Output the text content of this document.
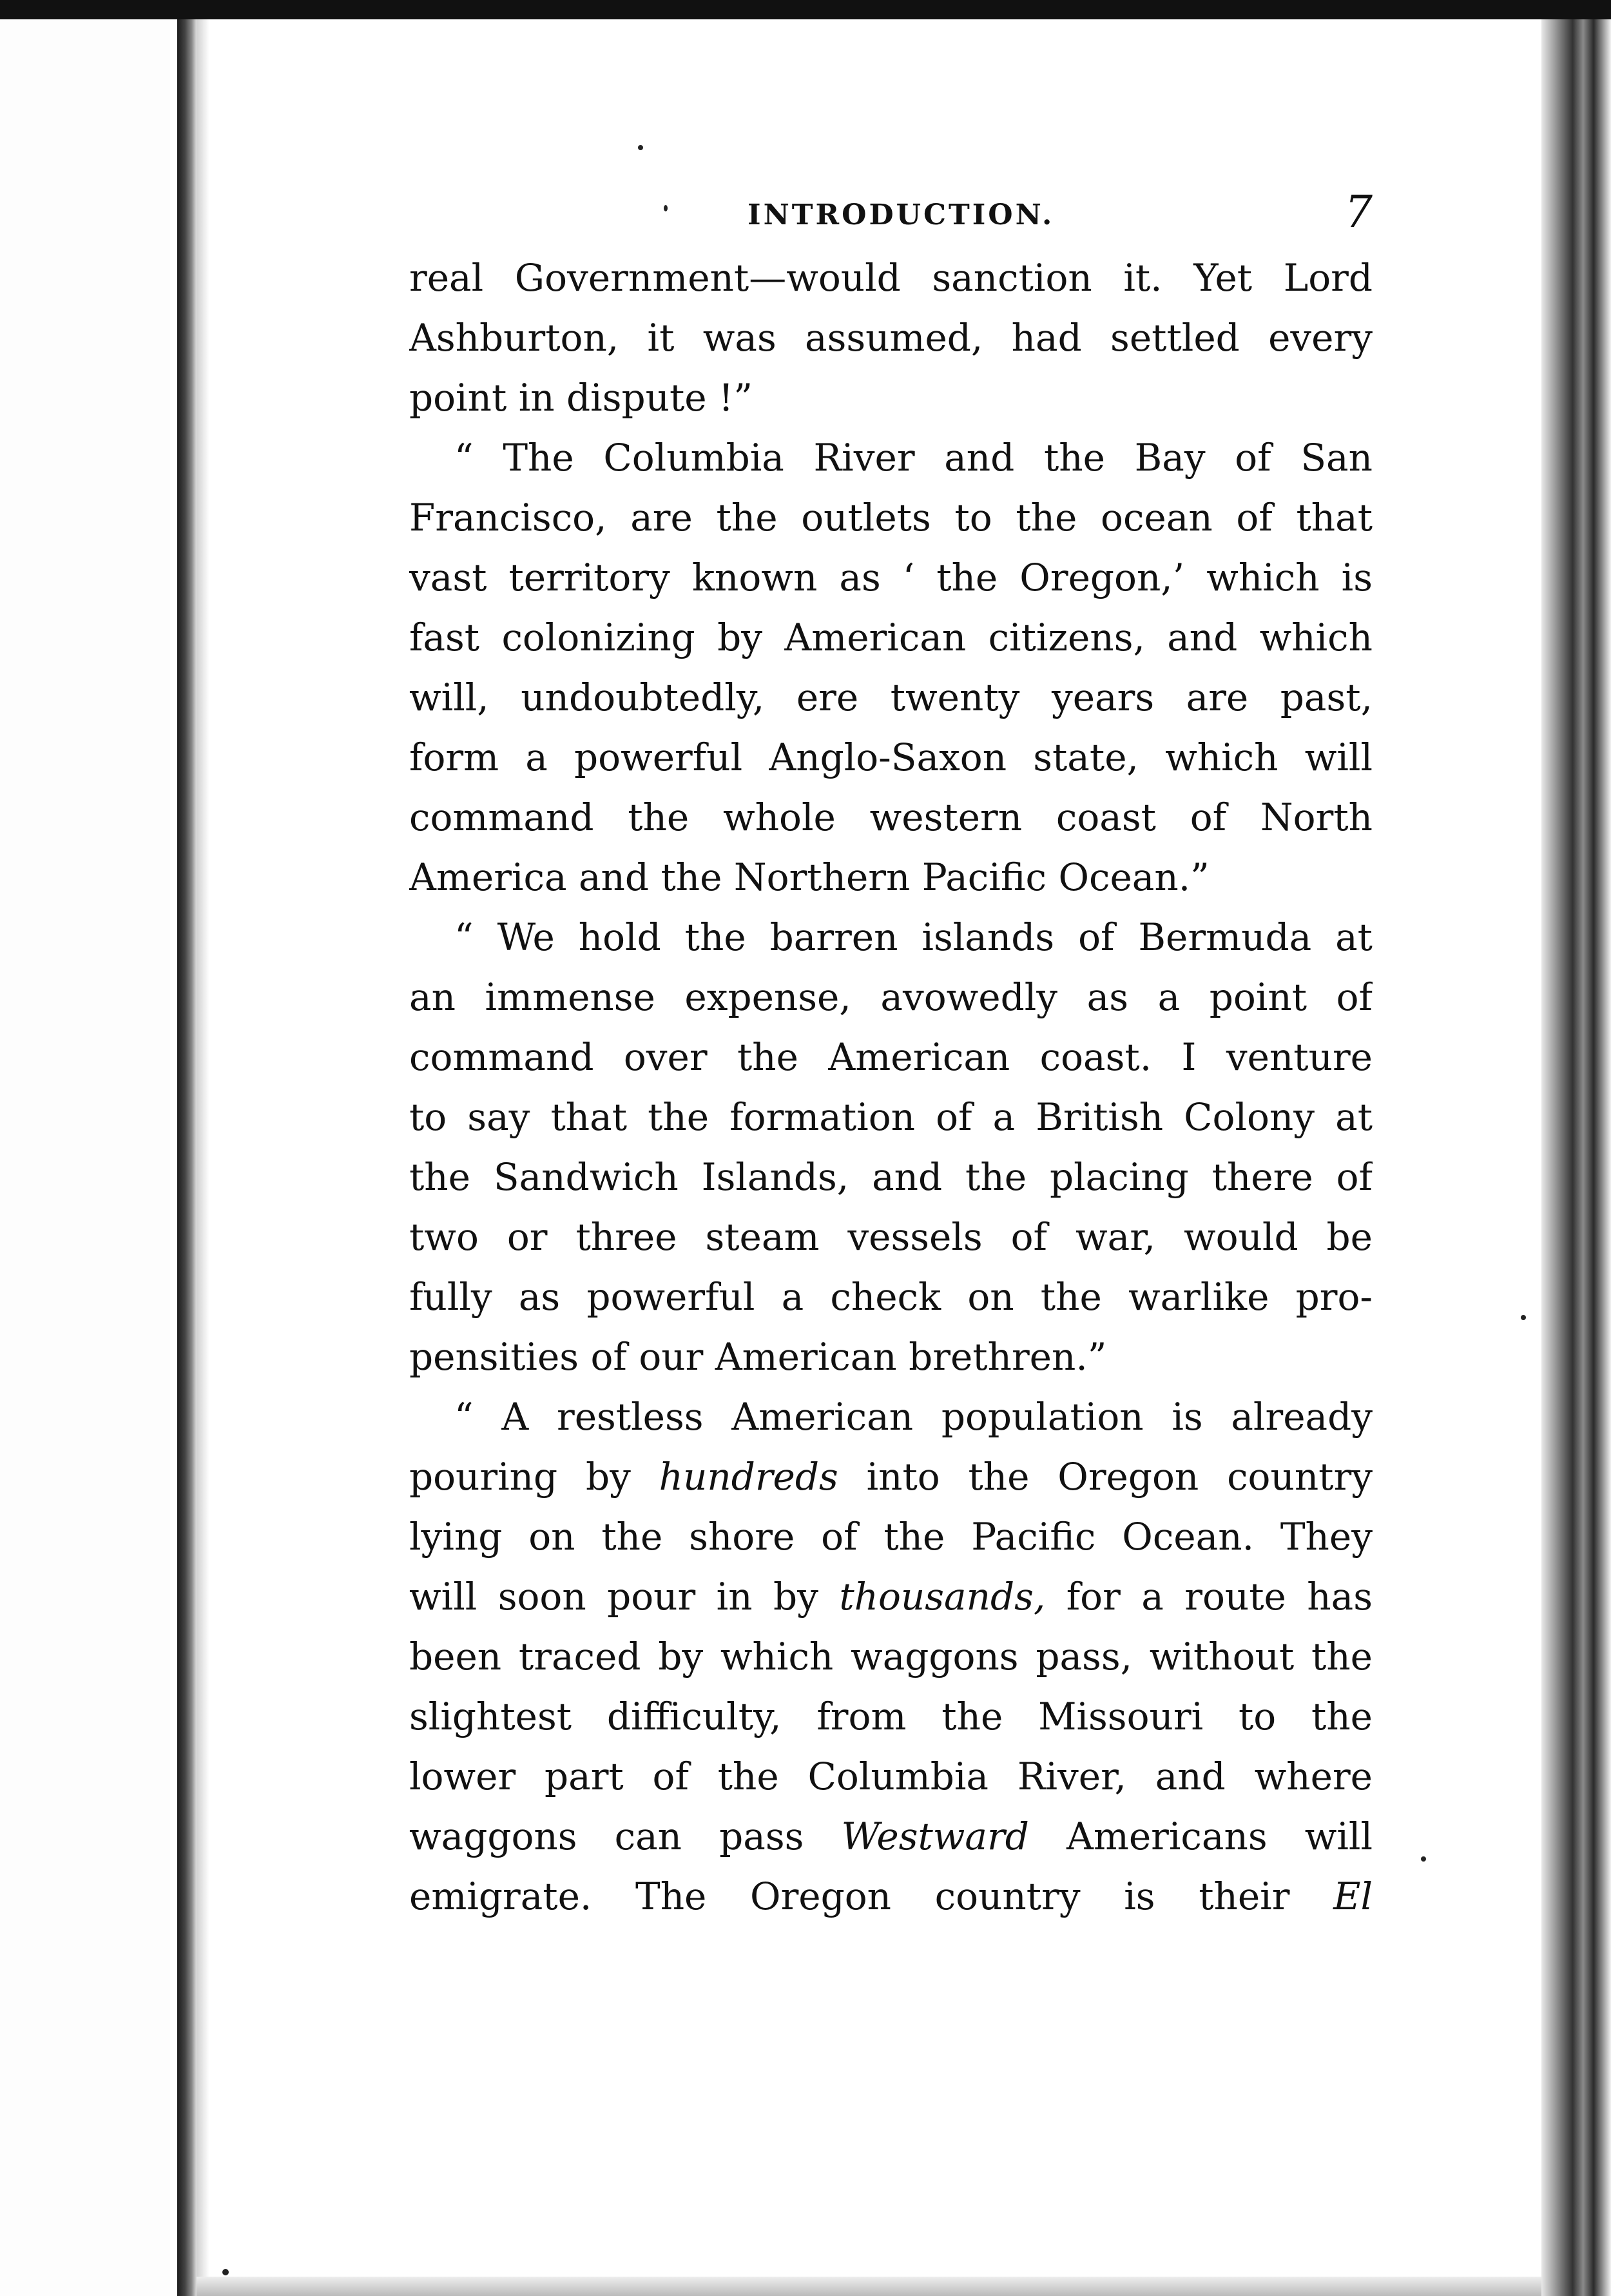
INTRODUCTION.	7
real Government—would sanction it. Yet Lord
Ashburton, it was assumed, had settled every
point in dispute !”
“ The Columbia River and the Bay of San
Francisco, are the outlets to the ocean of that
vast territory known as ‘ the Oregon,’ which is
fast colonizing by American citizens, and which
will, undoubtedly, ere twenty years are past,
form a powerful Anglo-Saxon state, which will
command the whole western coast of North
America and the Northern Pacific Ocean.”
“ We hold the barren islands of Bermuda at
an immense expense, avowedly as a point of
command over the American coast. I venture
to say that the formation of a British Colony at
the Sandwich Islands, and the placing there of
two or three steam vessels of war, would be
fully as powerful a check on the warlike pro-
pensities of our American brethren.”
“ A restless American population is already
pouring by hundreds into the Oregon country
lying on the shore of the Pacific Ocean. They
will soon pour in by thousands, for a route has
been traced by which waggons pass, without the
slightest difficulty, from the Missouri to the
lower part of the Columbia River, and where
waggons can pass Westward Americans will
emigrate. The Oregon country is their El
